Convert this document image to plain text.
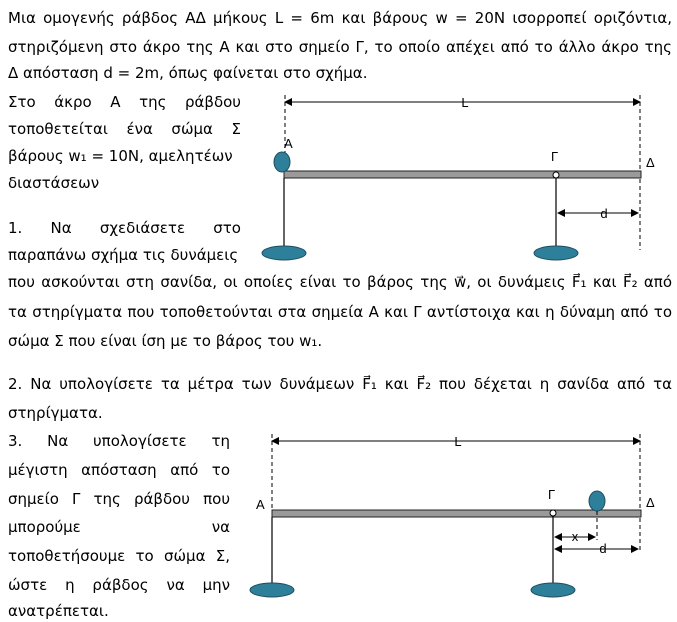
Μια ομογενής ράβδος ΑΔ μήκους L = 6m και βάρους w = 20N ισορροπεί οριζόντια,
στηριζόμενη στο άκρο της Α και στο σημείο Γ, το οποίο απέχει από το άλλο άκρο της
Δ απόσταση d = 2m, όπως φαίνεται στο σχήμα.
Στο άκρο Α της ράβδου
τοποθετείται ένα σώμα Σ
βάρους w₁ = 10N, αμελητέων
διαστάσεων
1. Να σχεδιάσετε στο
παραπάνω σχήμα τις δυνάμεις
που ασκούνται στη σανίδα, οι οποίες είναι το βάρος της w⃗, οι δυνάμεις F⃗₁ και F⃗₂ από
τα στηρίγματα που τοποθετούνται στα σημεία Α και Γ αντίστοιχα και η δύναμη από το
σώμα Σ που είναι ίση με το βάρος του w₁.
2. Να υπολογίσετε τα μέτρα των δυνάμεων F⃗₁ και F⃗₂ που δέχεται η σανίδα από τα
στηρίγματα.
3. Να υπολογίσετε τη
μέγιστη απόσταση από το
σημείο Γ της ράβδου που
μπορούμε να
τοποθετήσουμε το σώμα Σ,
ώστε η ράβδος να μην
ανατρέπεται.
L
Α
Γ	Δ
d
L
Α
Γ
Δ
x
d
